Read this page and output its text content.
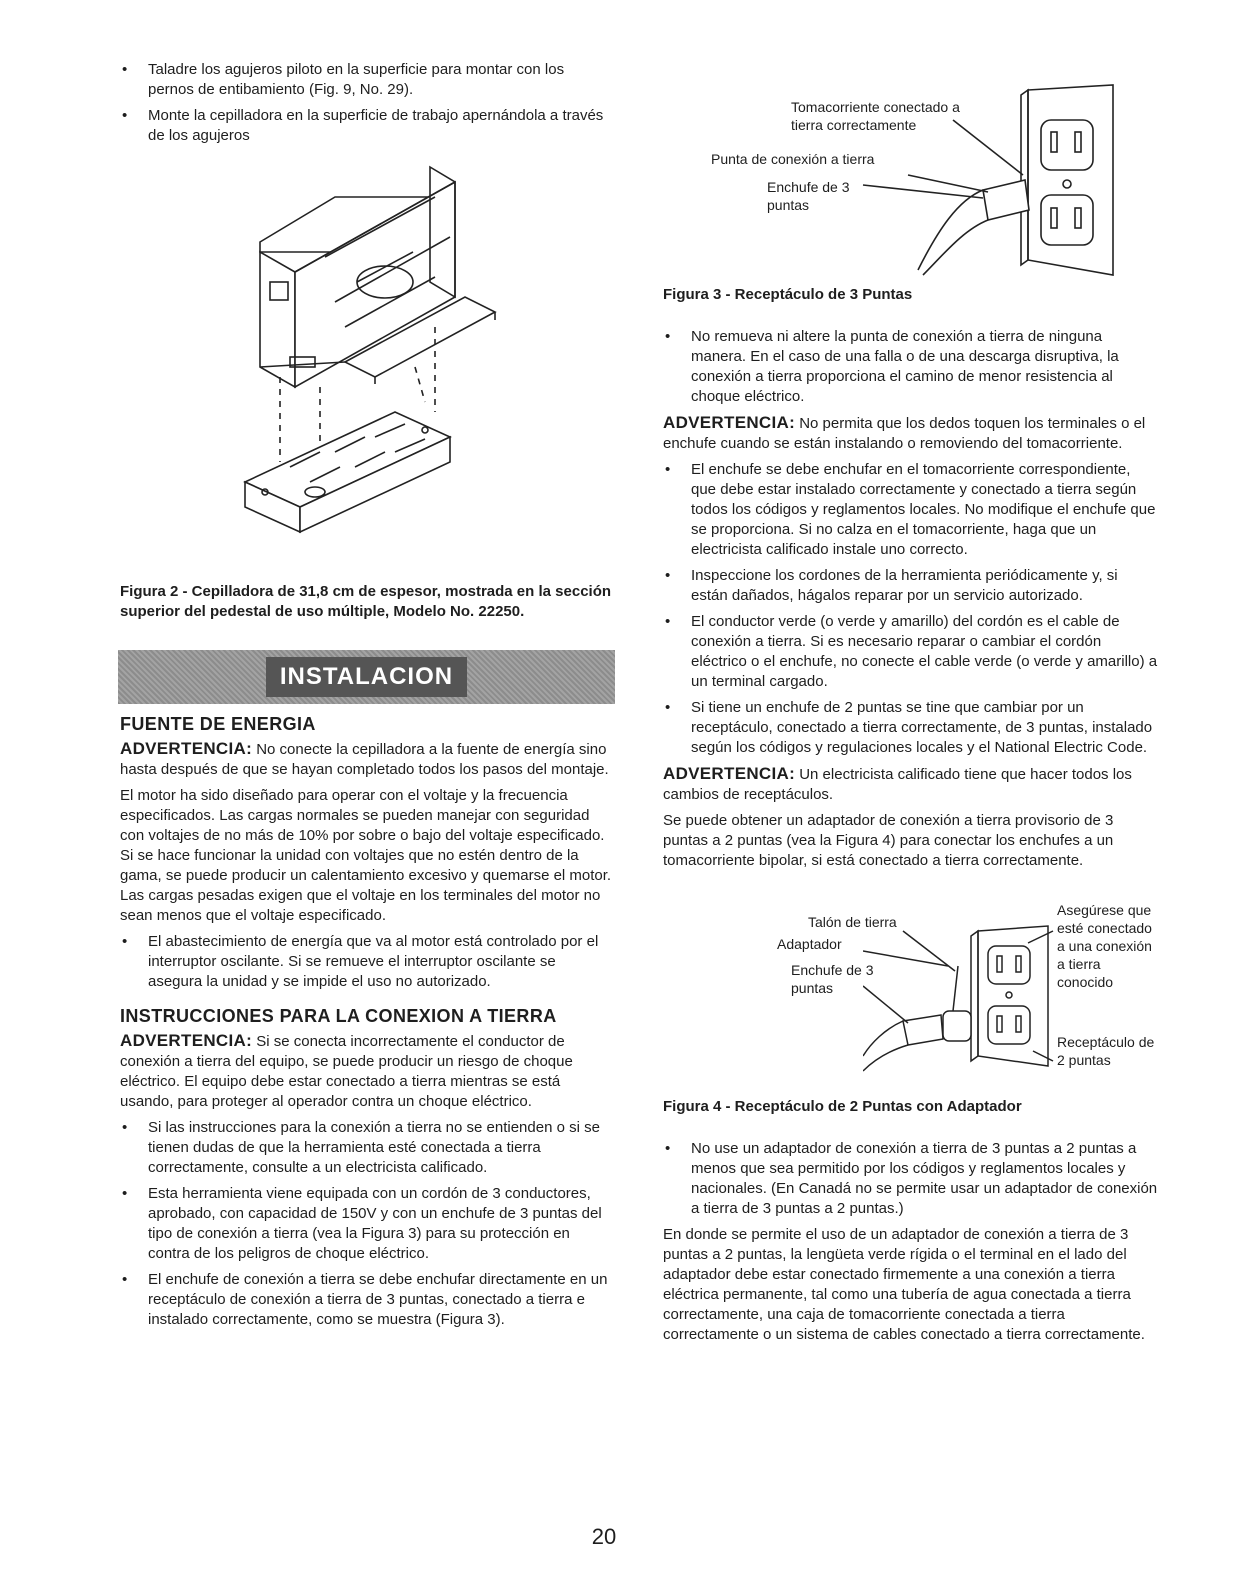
• Taladre los agujeros piloto en la superficie para montar con los pernos de entibamiento (Fig. 9, No. 29).
• Monte la cepilladora en la superficie de trabajo apernándola a través de los agujeros

Figura 2 - Cepilladora de 31,8 cm de espesor, mostrada en la sección superior del pedestal de uso múltiple, Modelo No. 22250.

INSTALACION
FUENTE DE ENERGIA

ADVERTENCIA: No conecte la cepilladora a la fuente de energía sino hasta después de que se hayan completado todos los pasos del montaje.

El motor ha sido diseñado para operar con el voltaje y la frecuencia especificados. Las cargas normales se pueden manejar con seguridad con voltajes de no más de 10% por sobre o bajo del voltaje especificado. Si se hace funcionar la unidad con voltajes que no estén dentro de la gama, se puede producir un calentamiento excesivo y quemarse el motor. Las cargas pesadas exigen que el voltaje en los terminales del motor no sean menos que el voltaje especificado.

• El abastecimiento de energía que va al motor está controlado por el interruptor oscilante. Si se remueve el interruptor oscilante se asegura la unidad y se impide el uso no autorizado.
INSTRUCCIONES PARA LA CONEXION A TIERRA

ADVERTENCIA: Si se conecta incorrectamente el conductor de conexión a tierra del equipo, se puede producir un riesgo de choque eléctrico. El equipo debe estar conectado a tierra mientras se está usando, para proteger al operador contra un choque eléctrico.

• Si las instrucciones para la conexión a tierra no se entienden o si se tienen dudas de que la herramienta esté conectada a tierra correctamente, consulte a un electricista calificado.
• Esta herramienta viene equipada con un cordón de 3 conductores, aprobado, con capacidad de 150V y con un enchufe de 3 puntas del tipo de conexión a tierra (vea la Figura 3) para su protección en contra de los peligros de choque eléctrico.
• El enchufe de conexión a tierra se debe enchufar directamente en un receptáculo de conexión a tierra de 3 puntas, conectado a tierra e instalado correctamente, como se muestra (Figura 3).
Tomacorriente conectado a tierra correctamente
Punta de conexión a tierra
Enchufe de 3 puntas

Figura 3 - Receptáculo de 3 Puntas

• No remueva ni altere la punta de conexión a tierra de ninguna manera. En el caso de una falla o de una descarga disruptiva, la conexión a tierra proporciona el camino de menor resistencia al choque eléctrico.

ADVERTENCIA: No permita que los dedos toquen los terminales o el enchufe cuando se están instalando o removiendo del tomacorriente.

• El enchufe se debe enchufar en el tomacorriente correspondiente, que debe estar instalado correctamente y conectado a tierra según todos los códigos y reglamentos locales. No modifique el enchufe que se proporciona. Si no calza en el tomacorriente, haga que un electricista calificado instale uno correcto.
• Inspeccione los cordones de la herramienta periódicamente y, si están dañados, hágalos reparar por un servicio autorizado.
• El conductor verde (o verde y amarillo) del cordón es el cable de conexión a tierra. Si es necesario reparar o cambiar el cordón eléctrico o el enchufe, no conecte el cable verde (o verde y amarillo) a un terminal cargado.
• Si tiene un enchufe de 2 puntas se tine que cambiar por un receptáculo, conectado a tierra correctamente, de 3 puntas, instalado según los códigos y regulaciones locales y el National Electric Code.

ADVERTENCIA: Un electricista calificado tiene que hacer todos los cambios de receptáculos.

Se puede obtener un adaptador de conexión a tierra provisorio de 3 puntas a 2 puntas (vea la Figura 4) para conectar los enchufes a un tomacorriente bipolar, si está conectado a tierra correctamente.

Talón de tierra
Adaptador
Enchufe de 3 puntas
Asegúrese que esté conectado a una conexión a tierra conocido
Receptáculo de 2 puntas

Figura 4 - Receptáculo de 2 Puntas con Adaptador

• No use un adaptador de conexión a tierra de 3 puntas a 2 puntas a menos que sea permitido por los códigos y reglamentos locales y nacionales. (En Canadá no se permite usar un adaptador de conexión a tierra de 3 puntas a 2 puntas.)

En donde se permite el uso de un adaptador de conexión a tierra de 3 puntas a 2 puntas, la lengüeta verde rígida o el terminal en el lado del adaptador debe estar conectado firmemente a una conexión a tierra eléctrica permanente, tal como una tubería de agua conectada a tierra correctamente, una caja de tomacorriente conectada a tierra correctamente o un sistema de cables conectado a tierra correctamente.

20
